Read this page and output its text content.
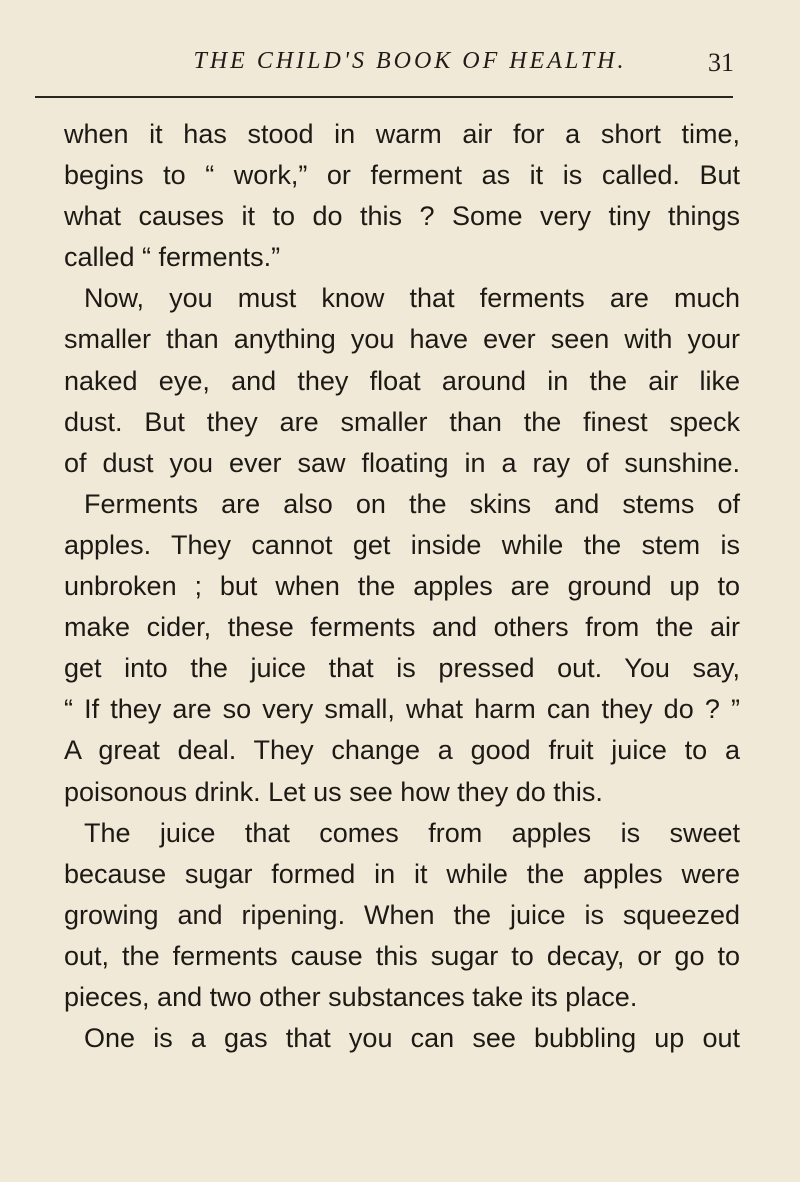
THE CHILD'S BOOK OF HEALTH.	31
when it has stood in warm air for a short time,
begins to “ work,” or ferment as it is called. But
what causes it to do this ? Some very tiny things
called “ ferments.”
Now, you must know that ferments are much
smaller than anything you have ever seen with your
naked eye, and they float around in the air like
dust. But they are smaller than the finest speck
of dust you ever saw floating in a ray of sunshine.
Ferments are also on the skins and stems of
apples. They cannot get inside while the stem is
unbroken ; but when the apples are ground up to
make cider, these ferments and others from the air
get into the juice that is pressed out. You say,
“ If they are so very small, what harm can they do ? ”
A great deal. They change a good fruit juice to a
poisonous drink. Let us see how they do this.
The juice that comes from apples is sweet
because sugar formed in it while the apples were
growing and ripening. When the juice is squeezed
out, the ferments cause this sugar to decay, or go to
pieces, and two other substances take its place.
One is a gas that you can see bubbling up out
